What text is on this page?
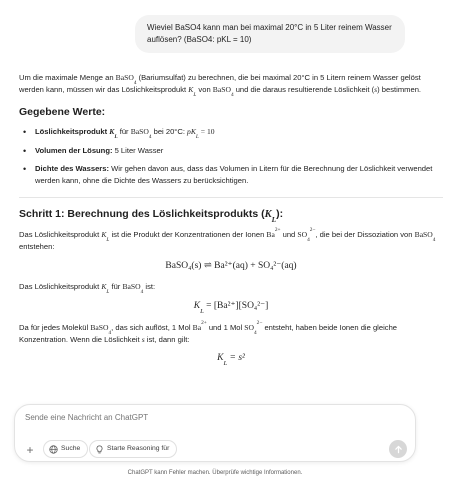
Wieviel BaSO4 kann man bei maximal 20°C in 5 Liter reinem Wasser auflösen? (BaSO4: pKL = 10)

Um die maximale Menge an BaSO$_4$ (Bariumsulfat) zu berechnen, die bei maximal 20°C in 5 Litern reinem Wasser gelöst werden kann, müssen wir das Löslichkeitsprodukt $K_L$ von BaSO$_4$ und die daraus resultierende Löslichkeit (s) bestimmen.

Gegebene Werte:
• Löslichkeitsprodukt $K_L$ für BaSO$_4$ bei 20°C: $pK_L = 10$
• Volumen der Lösung: 5 Liter Wasser
• Dichte des Wassers: Wir gehen davon aus, dass das Volumen in Litern für die Berechnung der Löslichkeit verwendet werden kann, ohne die Dichte des Wassers zu berücksichtigen.
Schritt 1: Berechnung des Löslichkeitsprodukts $(K_L)$:

Das Löslichkeitsprodukt $K_L$ ist die Produkt der Konzentrationen der Ionen $Ba^{2+}$ und $SO_4^{2-}$, die bei der Dissoziation von BaSO$_4$ entstehen:

BaSO₄(s) ⇌ Ba²⁺(aq) + SO₄²⁻(aq)

Das Löslichkeitsprodukt $K_L$ für BaSO$_4$ ist:

$K_L = [Ba^{2+}][SO_4^{2-}]$

Da für jedes Molekül BaSO$_4$, das sich auflöst, 1 Mol $Ba^{2+}$ und 1 Mol $SO_4^{2-}$ entsteht, haben beide Ionen die gleiche Konzentration. Wenn die Löslichkeit s ist, dann gilt:

$K_L = s^2$
Sende eine Nachricht an ChatGPT
+	Suche	Starte Reasoning für
ChatGPT kann Fehler machen. Überprüfe wichtige Informationen.
